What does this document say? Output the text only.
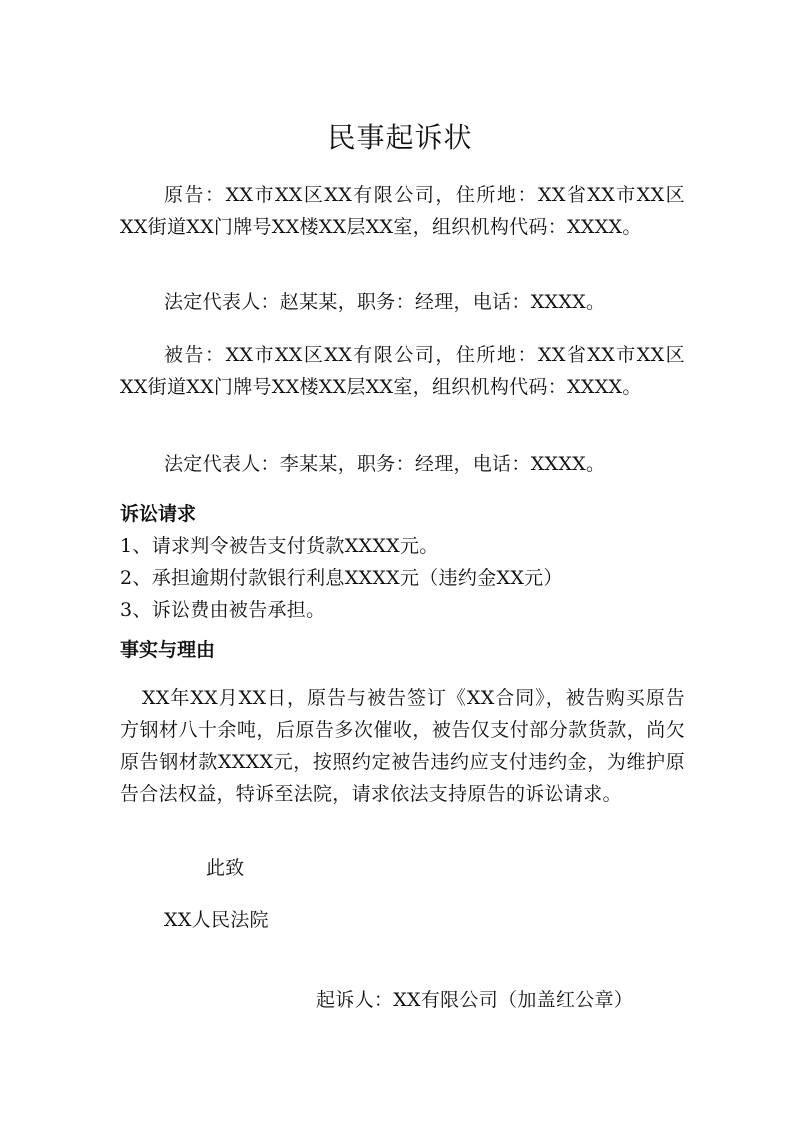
民事起诉状
原告：XX市XX区XX有限公司，住所地：XX省XX市XX区XX街道XX门牌号XX楼XX层XX室，组织机构代码：XXXX。
法定代表人：赵某某，职务：经理，电话：XXXX。
被告：XX市XX区XX有限公司，住所地：XX省XX市XX区XX街道XX门牌号XX楼XX层XX室，组织机构代码：XXXX。
法定代表人：李某某，职务：经理，电话：XXXX。
诉讼请求
1、请求判令被告支付货款XXXX元。
2、承担逾期付款银行利息XXXX元（违约金XX元）
3、诉讼费由被告承担。
事实与理由
XX年XX月XX日，原告与被告签订《XX合同》，被告购买原告方钢材八十余吨，后原告多次催收，被告仅支付部分款货款，尚欠原告钢材款XXXX元，按照约定被告违约应支付违约金，为维护原告合法权益，特诉至法院，请求依法支持原告的诉讼请求。
此致
XX人民法院
起诉人：XX有限公司（加盖红公章）
